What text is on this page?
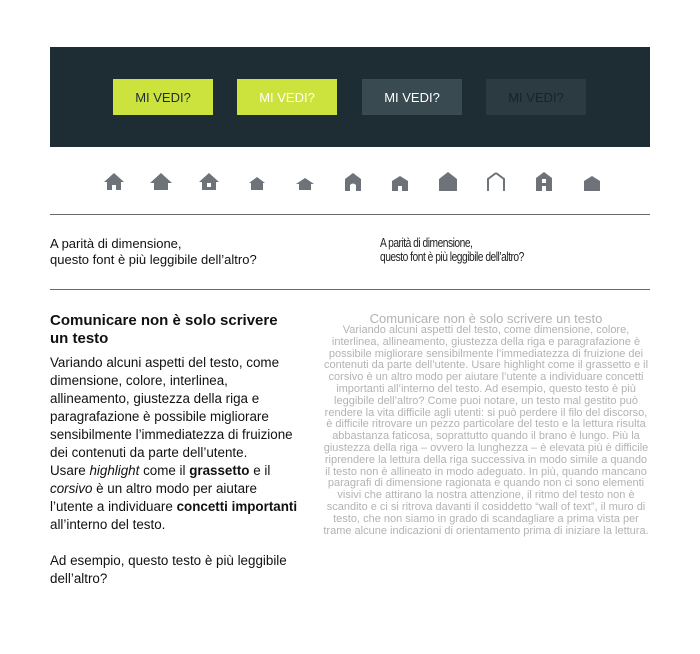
MI VEDI?	MI VEDI?	MI VEDI?	MI VEDI?
A parità di dimensione,
questo font è più leggibile dell’altro?
A parità di dimensione,
questo font è più leggibile dell’altro?
Comunicare non è solo scrivere un testo

Variando alcuni aspetti del testo, come dimensione, colore, interlinea, allineamento, giustezza della riga e paragrafazione è possibile migliorare sensibilmente l’immediatezza di fruizione dei contenuti da parte dell’utente.

Usare highlight come il grassetto e il corsivo è un altro modo per aiutare l’utente a individuare concetti importanti all’interno del testo.

Ad esempio, questo testo è più leggibile dell’altro?

Comunicare non è solo scrivere un testo
Variando alcuni aspetti del testo, come dimensione, colore, interlinea, allineamento, giustezza della riga e paragrafazione è possibile migliorare sensibilmente l’immediatezza di fruizione dei contenuti da parte dell’utente. Usare highlight come il grassetto e il corsivo è un altro modo per aiutare l’utente a individuare concetti importanti all’interno del testo. Ad esempio, questo testo è più leggibile dell’altro? Come puoi notare, un testo mal gestito può rendere la vita difficile agli utenti: si può perdere il filo del discorso, è difficile ritrovare un pezzo particolare del testo e la lettura risulta abbastanza faticosa, soprattutto quando il brano è lungo. Più la giustezza della riga – ovvero la lunghezza – è elevata più è difficile riprendere la lettura della riga successiva in modo simile a quando il testo non è allineato in modo adeguato. In più, quando mancano paragrafi di dimensione ragionata e quando non ci sono elementi visivi che attirano la nostra attenzione, il ritmo del testo non è scandito e ci si ritrova davanti il cosiddetto “wall of text”, il muro di testo, che non siamo in grado di scandagliare a prima vista per trame alcune indicazioni di orientamento prima di iniziare la lettura.
